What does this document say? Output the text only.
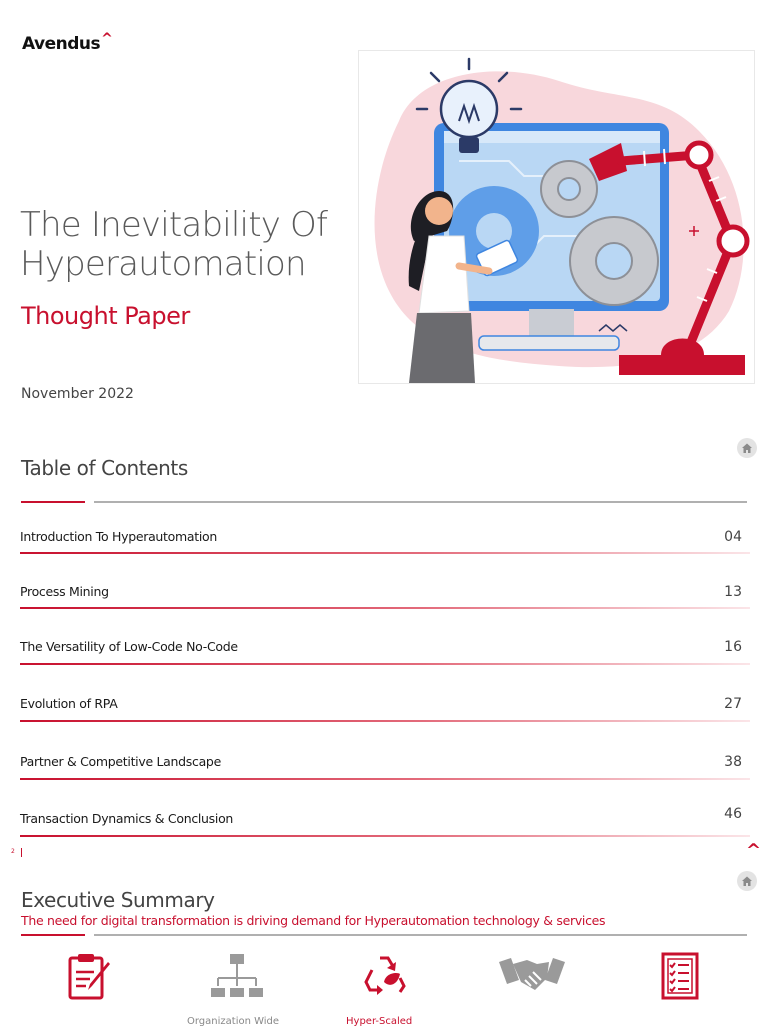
Avendus^
The Inevitability Of
Hyperautomation
Thought Paper
November 2022
Table of Contents
Introduction To Hyperautomation	04
Process Mining	13
The Versatility of Low-Code No-Code	16
Evolution of RPA	27
Partner & Competitive Landscape	38
Transaction Dynamics & Conclusion	46
2	^
Executive Summary
The need for digital transformation is driving demand for Hyperautomation technology & services
Organization Wide	Hyper-Scaled
